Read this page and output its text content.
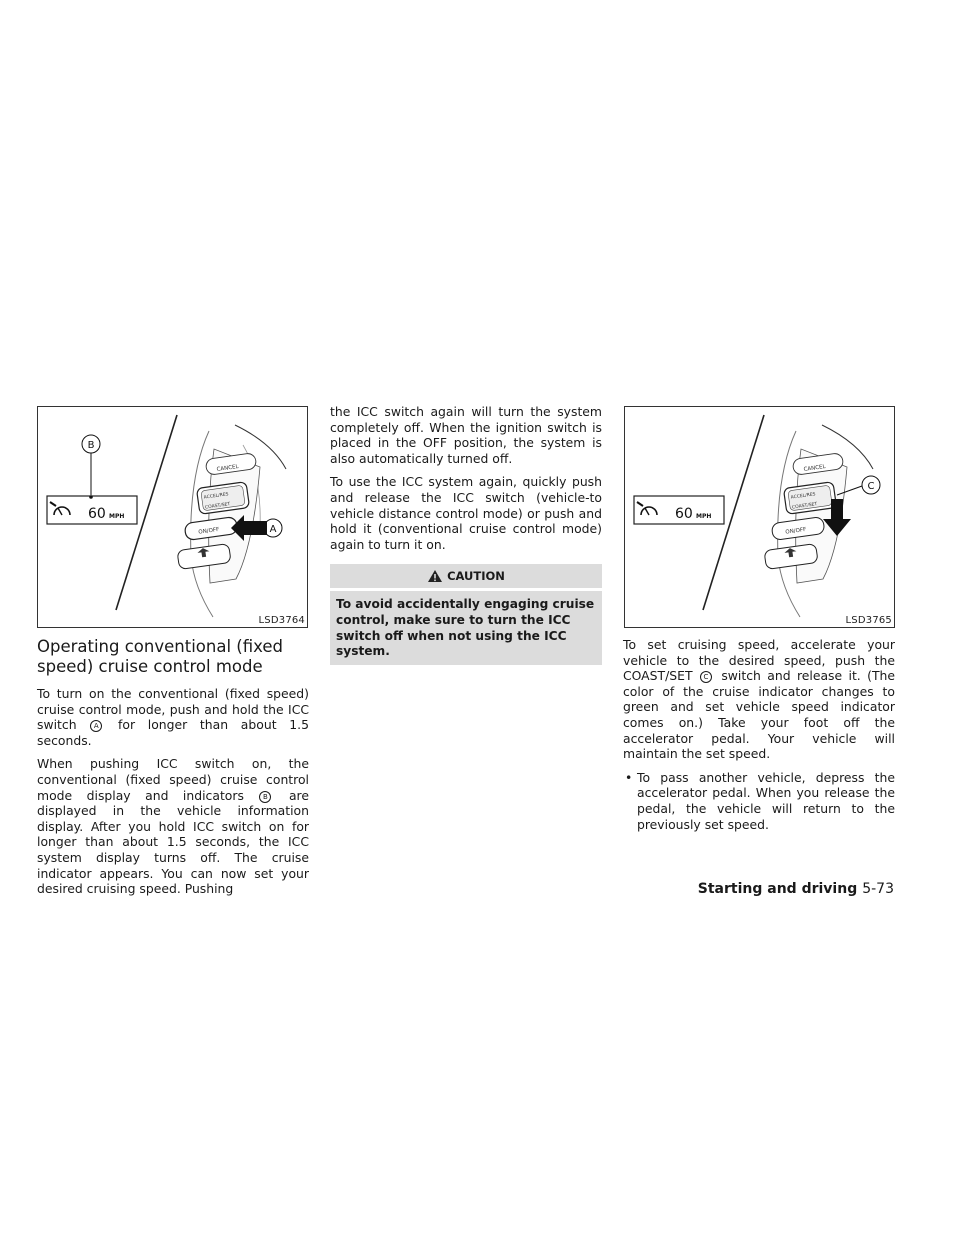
CANCEL
ACCEL/RES
COAST/SET
ON/OFF
60 MPH
B
A
LSD3764
CANCEL
ACCEL/RES
COAST/SET
ON/OFF
60 MPH
C
LSD3765
Operating conventional (fixed speed) cruise control mode

To turn on the conventional (fixed speed) cruise control mode, push and hold the ICC switch A for longer than about 1.5 seconds.

When pushing ICC switch on, the conventional (fixed speed) cruise control mode display and indicators	B are displayed in the vehicle information display. After you hold ICC switch on for longer than about 1.5 seconds, the ICC system display turns off. The cruise indicator appears. You can now set your desired cruising speed. Pushing

the ICC switch again will turn the system completely off. When the ignition switch is placed in the OFF position, the system is also automatically turned off.

To use the ICC system again, quickly push and release the ICC switch (vehicle-to vehicle distance control mode) or push and hold it (conventional cruise control mode) again to turn it on.

CAUTION
To avoid accidentally engaging cruise control, make sure to turn the ICC switch off when not using the ICC system.	To set cruising speed, accelerate your vehicle to the desired speed, push the COAST/SET C switch and release it. (The color of the cruise indicator changes to green and set vehicle speed indicator comes on.) Take your foot off the accelerator pedal. Your vehicle will maintain the set speed.

• To pass another vehicle, depress the accelerator pedal. When you release the pedal, the vehicle will return to the previously set speed.
Starting and driving 5-73
